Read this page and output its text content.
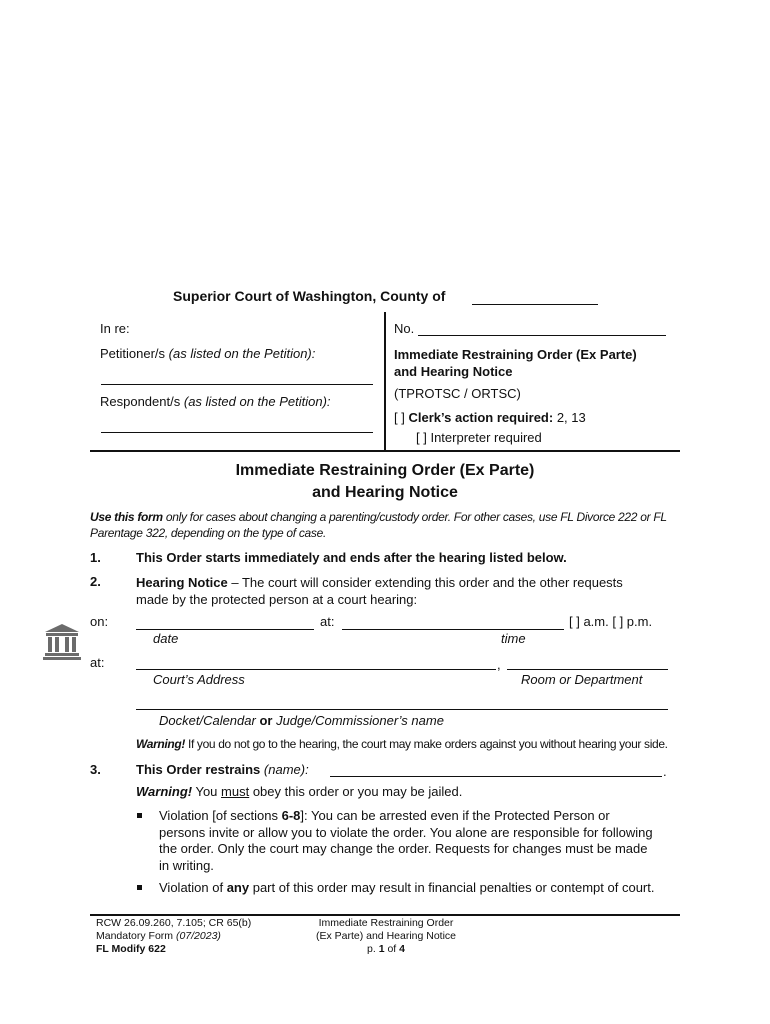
Superior Court of Washington, County of
In re:
Petitioner/s (as listed on the Petition):
Respondent/s (as listed on the Petition):
No.
Immediate Restraining Order (Ex Parte)
and Hearing Notice
(TPROTSC / ORTSC)
[ ] Clerk’s action required: 2, 13
[ ] Interpreter required
Immediate Restraining Order (Ex Parte)
and Hearing Notice
Use this form only for cases about changing a parenting/custody order. For other cases, use FL Divorce 222 or FL Parentage 322, depending on the type of case.
1.	This Order starts immediately and ends after the hearing listed below.
2.	Hearing Notice – The court will consider extending this order and the other requests made by the protected person at a court hearing:
on:	at:	[ ] a.m. [ ] p.m.
date	time
at:	,
Court’s Address	Room or Department
Docket/Calendar or Judge/Commissioner’s name
Warning! If you do not go to the hearing, the court may make orders against you without hearing your side.
3.	This Order restrains (name):	.
Warning! You must obey this order or you may be jailed.
Violation [of sections 6-8]: You can be arrested even if the Protected Person or persons invite or allow you to violate the order. You alone are responsible for following the order. Only the court may change the order. Requests for changes must be made in writing.
Violation of any part of this order may result in financial penalties or contempt of court.
RCW 26.09.260, 7.105; CR 65(b)
Mandatory Form (07/2023)
FL Modify 622
Immediate Restraining Order
(Ex Parte) and Hearing Notice
p. 1 of 4
